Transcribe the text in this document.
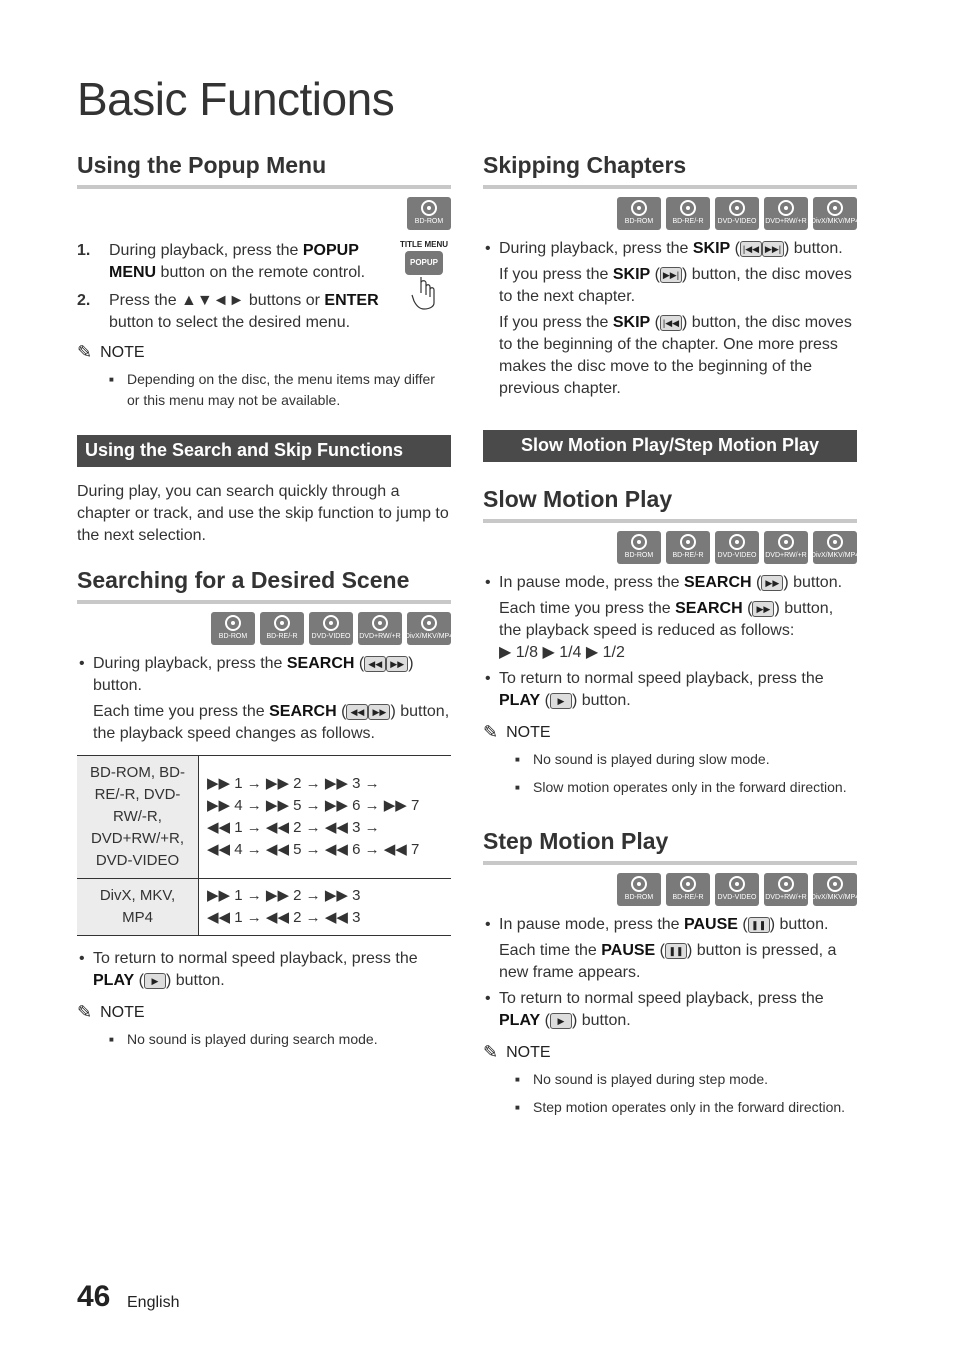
Basic Functions
Using the Popup Menu
BD-ROM
TITLE MENU
POPUP
1.	During playback, press the POPUP MENU button on the remote control.
2.	Press the ▲▼◄► buttons or ENTER button to select the desired menu.
✎ NOTE
■ Depending on the disc, the menu items may differ or this menu may not be available.
Using the Search and Skip Functions
During play, you can search quickly through a chapter or track, and use the skip function to jump to the next selection.
Searching for a Desired Scene
BD-ROM	BD-RE/-R DVD-VIDEO DVD+RW/+R DivX/MKV/MP4
• During playback, press the SEARCH ( ◀◀ ▶▶ ) button.
Each time you press the SEARCH ( ◀◀ ▶▶ ) button, the playback speed changes as follows.
BD-ROM, BD-RE/-R, DVD-RW/-R, DVD+RW/+R, DVD-VIDEO	▶▶ 1 → ▶▶ 2 → ▶▶ 3 →
▶▶ 4 → ▶▶ 5 → ▶▶ 6 → ▶▶ 7
◀◀ 1 → ◀◀ 2 → ◀◀ 3 →
◀◀ 4 → ◀◀ 5 → ◀◀ 6 → ◀◀ 7

DivX, MKV, MP4	▶▶ 1 → ▶▶ 2 → ▶▶ 3
◀◀ 1 → ◀◀ 2 → ◀◀ 3
• To return to normal speed playback, press the PLAY ( ▶ ) button.
✎ NOTE
■ No sound is played during search mode.
Skipping Chapters
BD-ROM	BD-RE/-R DVD-VIDEO DVD+RW/+R DivX/MKV/MP4
• During playback, press the SKIP ( |◀◀ ▶▶| ) button.
If you press the SKIP ( ▶▶| ) button, the disc moves to the next chapter.
If you press the SKIP ( |◀◀ ) button, the disc moves to the beginning of the chapter. One more press makes the disc move to the beginning of the previous chapter.
Slow Motion Play/Step Motion Play
Slow Motion Play
BD-ROM	BD-RE/-R DVD-VIDEO DVD+RW/+R DivX/MKV/MP4
• In pause mode, press the SEARCH ( ▶▶ ) button.
Each time you press the SEARCH ( ▶▶ ) button, the playback speed is reduced as follows:
▶ 1/8 ▶ 1/4 ▶ 1/2
• To return to normal speed playback, press the PLAY ( ▶ ) button.
✎ NOTE
■ No sound is played during slow mode.
■ Slow motion operates only in the forward direction.
Step Motion Play
BD-ROM	BD-RE/-R DVD-VIDEO DVD+RW/+R DivX/MKV/MP4
• In pause mode, press the PAUSE ( ❚❚ ) button.
Each time the PAUSE ( ❚❚ ) button is pressed, a new frame appears.
• To return to normal speed playback, press the PLAY ( ▶ ) button.
✎ NOTE
■ No sound is played during step mode.
■ Step motion operates only in the forward direction.
46 English
